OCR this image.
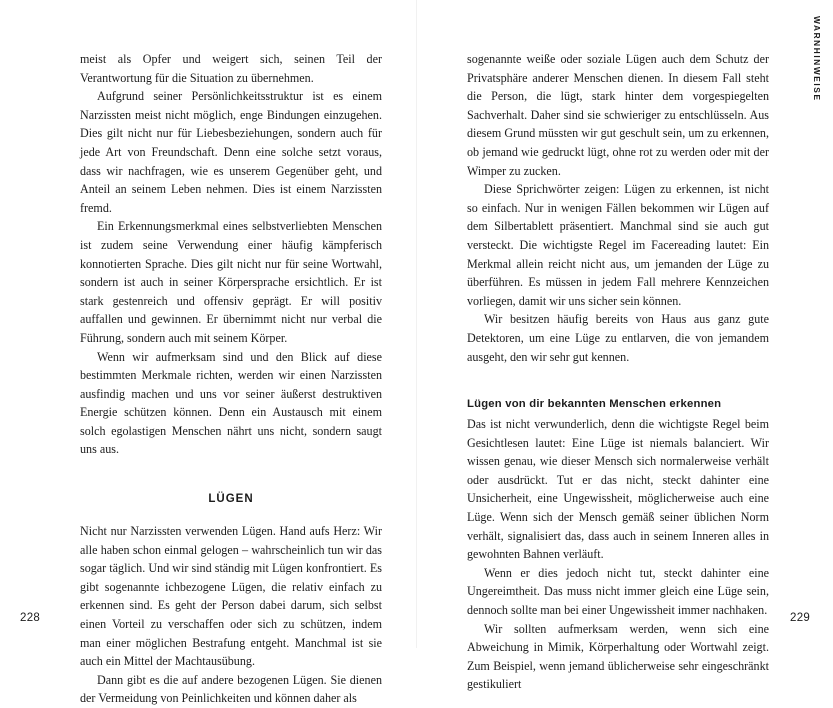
meist als Opfer und weigert sich, seinen Teil der Verantwortung für die Situation zu übernehmen.

Aufgrund seiner Persönlichkeitsstruktur ist es einem Narzissten meist nicht möglich, enge Bindungen einzugehen. Dies gilt nicht nur für Liebesbeziehungen, sondern auch für jede Art von Freundschaft. Denn eine solche setzt voraus, dass wir nachfragen, wie es unserem Gegenüber geht, und Anteil an seinem Leben nehmen. Dies ist einem Narzissten fremd.

Ein Erkennungsmerkmal eines selbstverliebten Menschen ist zudem seine Verwendung einer häufig kämpferisch konnotierten Sprache. Dies gilt nicht nur für seine Wortwahl, sondern ist auch in seiner Körpersprache ersichtlich. Er ist stark gestenreich und offensiv geprägt. Er will positiv auffallen und gewinnen. Er übernimmt nicht nur verbal die Führung, sondern auch mit seinem Körper.

Wenn wir aufmerksam sind und den Blick auf diese bestimmten Merkmale richten, werden wir einen Narzissten ausfindig machen und uns vor seiner äußerst destruktiven Energie schützen können. Denn ein Austausch mit einem solch egolastigen Menschen nährt uns nicht, sondern saugt uns aus.

LÜGEN

Nicht nur Narzissten verwenden Lügen. Hand aufs Herz: Wir alle haben schon einmal gelogen – wahrscheinlich tun wir das sogar täglich. Und wir sind ständig mit Lügen konfrontiert. Es gibt sogenannte ichbezogene Lügen, die relativ einfach zu erkennen sind. Es geht der Person dabei darum, sich selbst einen Vorteil zu verschaffen oder sich zu schützen, indem man einer möglichen Bestrafung entgeht. Manchmal ist sie auch ein Mittel der Machtausübung.

Dann gibt es die auf andere bezogenen Lügen. Sie dienen der Vermeidung von Peinlichkeiten und können daher als

sogenannte weiße oder soziale Lügen auch dem Schutz der Privatsphäre anderer Menschen dienen. In diesem Fall steht die Person, die lügt, stark hinter dem vorgespiegelten Sachverhalt. Daher sind sie schwieriger zu entschlüsseln. Aus diesem Grund müssten wir gut geschult sein, um zu erkennen, ob jemand wie gedruckt lügt, ohne rot zu werden oder mit der Wimper zu zucken.

Diese Sprichwörter zeigen: Lügen zu erkennen, ist nicht so einfach. Nur in wenigen Fällen bekommen wir Lügen auf dem Silbertablett präsentiert. Manchmal sind sie auch gut versteckt. Die wichtigste Regel im Facereading lautet: Ein Merkmal allein reicht nicht aus, um jemanden der Lüge zu überführen. Es müssen in jedem Fall mehrere Kennzeichen vorliegen, damit wir uns sicher sein können.

Wir besitzen häufig bereits von Haus aus ganz gute Detektoren, um eine Lüge zu entlarven, die von jemandem ausgeht, den wir sehr gut kennen.

Lügen von dir bekannten Menschen erkennen

Das ist nicht verwunderlich, denn die wichtigste Regel beim Gesichtlesen lautet: Eine Lüge ist niemals balanciert. Wir wissen genau, wie dieser Mensch sich normalerweise verhält oder ausdrückt. Tut er das nicht, steckt dahinter eine Unsicherheit, eine Ungewissheit, möglicherweise auch eine Lüge. Wenn sich der Mensch gemäß seiner üblichen Norm verhält, signalisiert das, dass auch in seinem Inneren alles in gewohnten Bahnen verläuft.

Wenn er dies jedoch nicht tut, steckt dahinter eine Ungereimtheit. Das muss nicht immer gleich eine Lüge sein, dennoch sollte man bei einer Ungewissheit immer nachhaken.

Wir sollten aufmerksam werden, wenn sich eine Abweichung in Mimik, Körperhaltung oder Wortwahl zeigt. Zum Beispiel, wenn jemand üblicherweise sehr eingeschränkt gestikuliert

228	229
WARNHINWEISE
